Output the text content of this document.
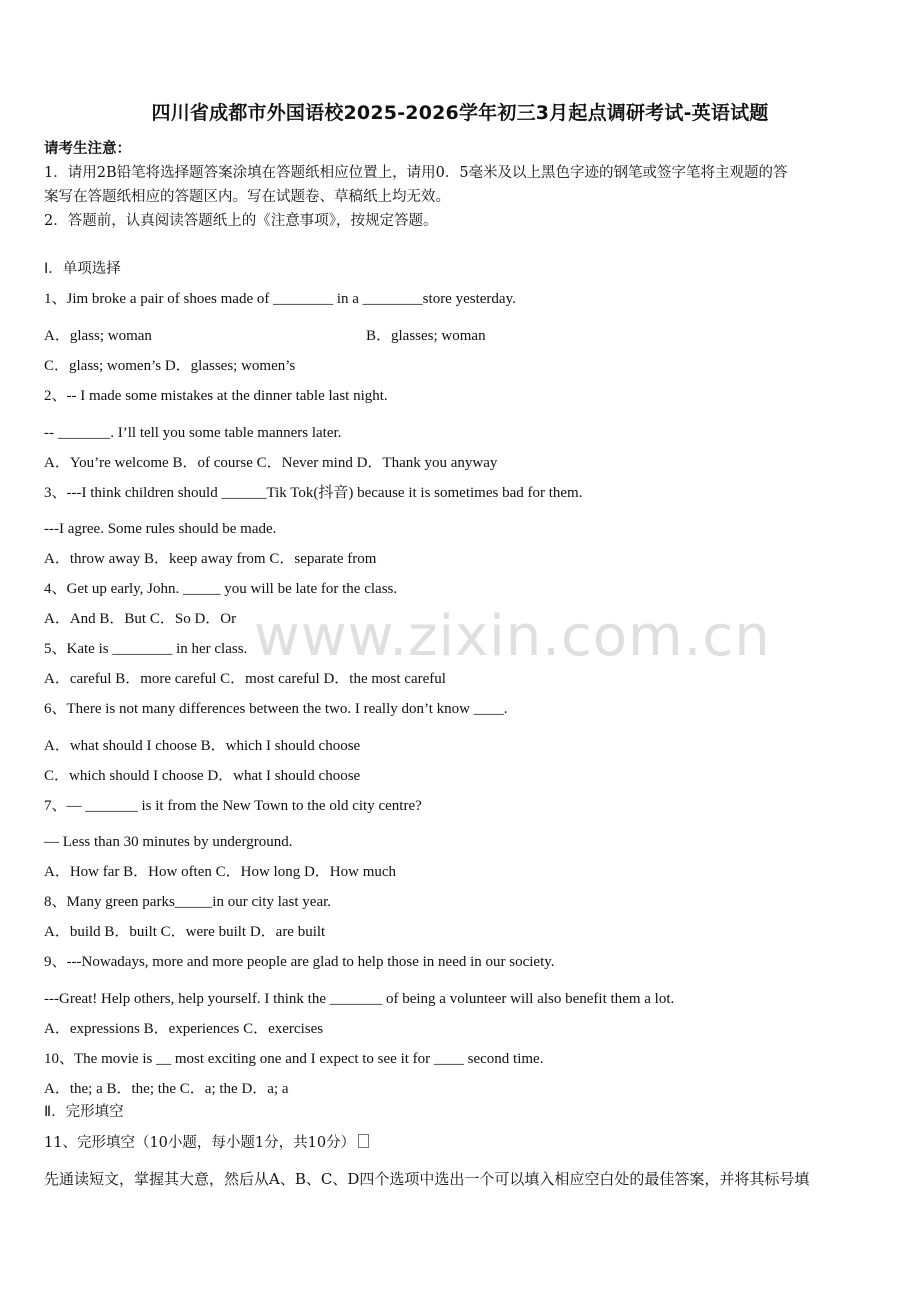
www.zixin.com.cn
四川省成都市外国语校2025-2026学年初三3月起点调研考试-英语试题
请考生注意：
1．请用2B铅笔将选择题答案涂填在答题纸相应位置上，请用0．5毫米及以上黑色字迹的钢笔或签字笔将主观题的答
案写在答题纸相应的答题区内。写在试题卷、草稿纸上均无效。
2．答题前，认真阅读答题纸上的《注意事项》，按规定答题。
Ⅰ．单项选择
1、Jim broke a pair of shoes made of ________ in a ________store yesterday.
A．glass; woman	B．glasses; woman
C．glass; women’s D．glasses; women’s
2、-- I made some mistakes at the dinner table last night.
-- _______. I’ll tell you some table manners later.
A．You’re welcome B．of course C．Never mind D．Thank you anyway
3、---I think children should ______Tik Tok(抖音) because it is sometimes bad for them.
---I agree. Some rules should be made.
A．throw away B．keep away from C．separate from
4、Get up early, John. _____ you will be late for the class.
A．And B．But C．So D．Or
5、Kate is ________ in her class.
A．careful B．more careful C．most careful D．the most careful
6、There is not many differences between the two. I really don’t know ____.
A．what should I choose B．which I should choose
C．which should I choose D．what I should choose
7、— _______ is it from the New Town to the old city centre?
— Less than 30 minutes by underground.
A．How far B．How often C．How long D．How much
8、Many green parks_____in our city last year.
A．build B．built C．were built D．are built
9、---Nowadays, more and more people are glad to help those in need in our society.
---Great! Help others, help yourself. I think the _______ of being a volunteer will also benefit them a lot.
A．expressions B．experiences C．exercises
10、The movie is __ most exciting one and I expect to see it for ____ second time.
A．the; a B．the; the C．a; the D．a; a
Ⅱ．完形填空
11、完形填空（10小题，每小题1分，共10分）
先通读短文，掌握其大意，然后从A、B、C、D四个选项中选出一个可以填入相应空白处的最佳答案，并将其标号填
